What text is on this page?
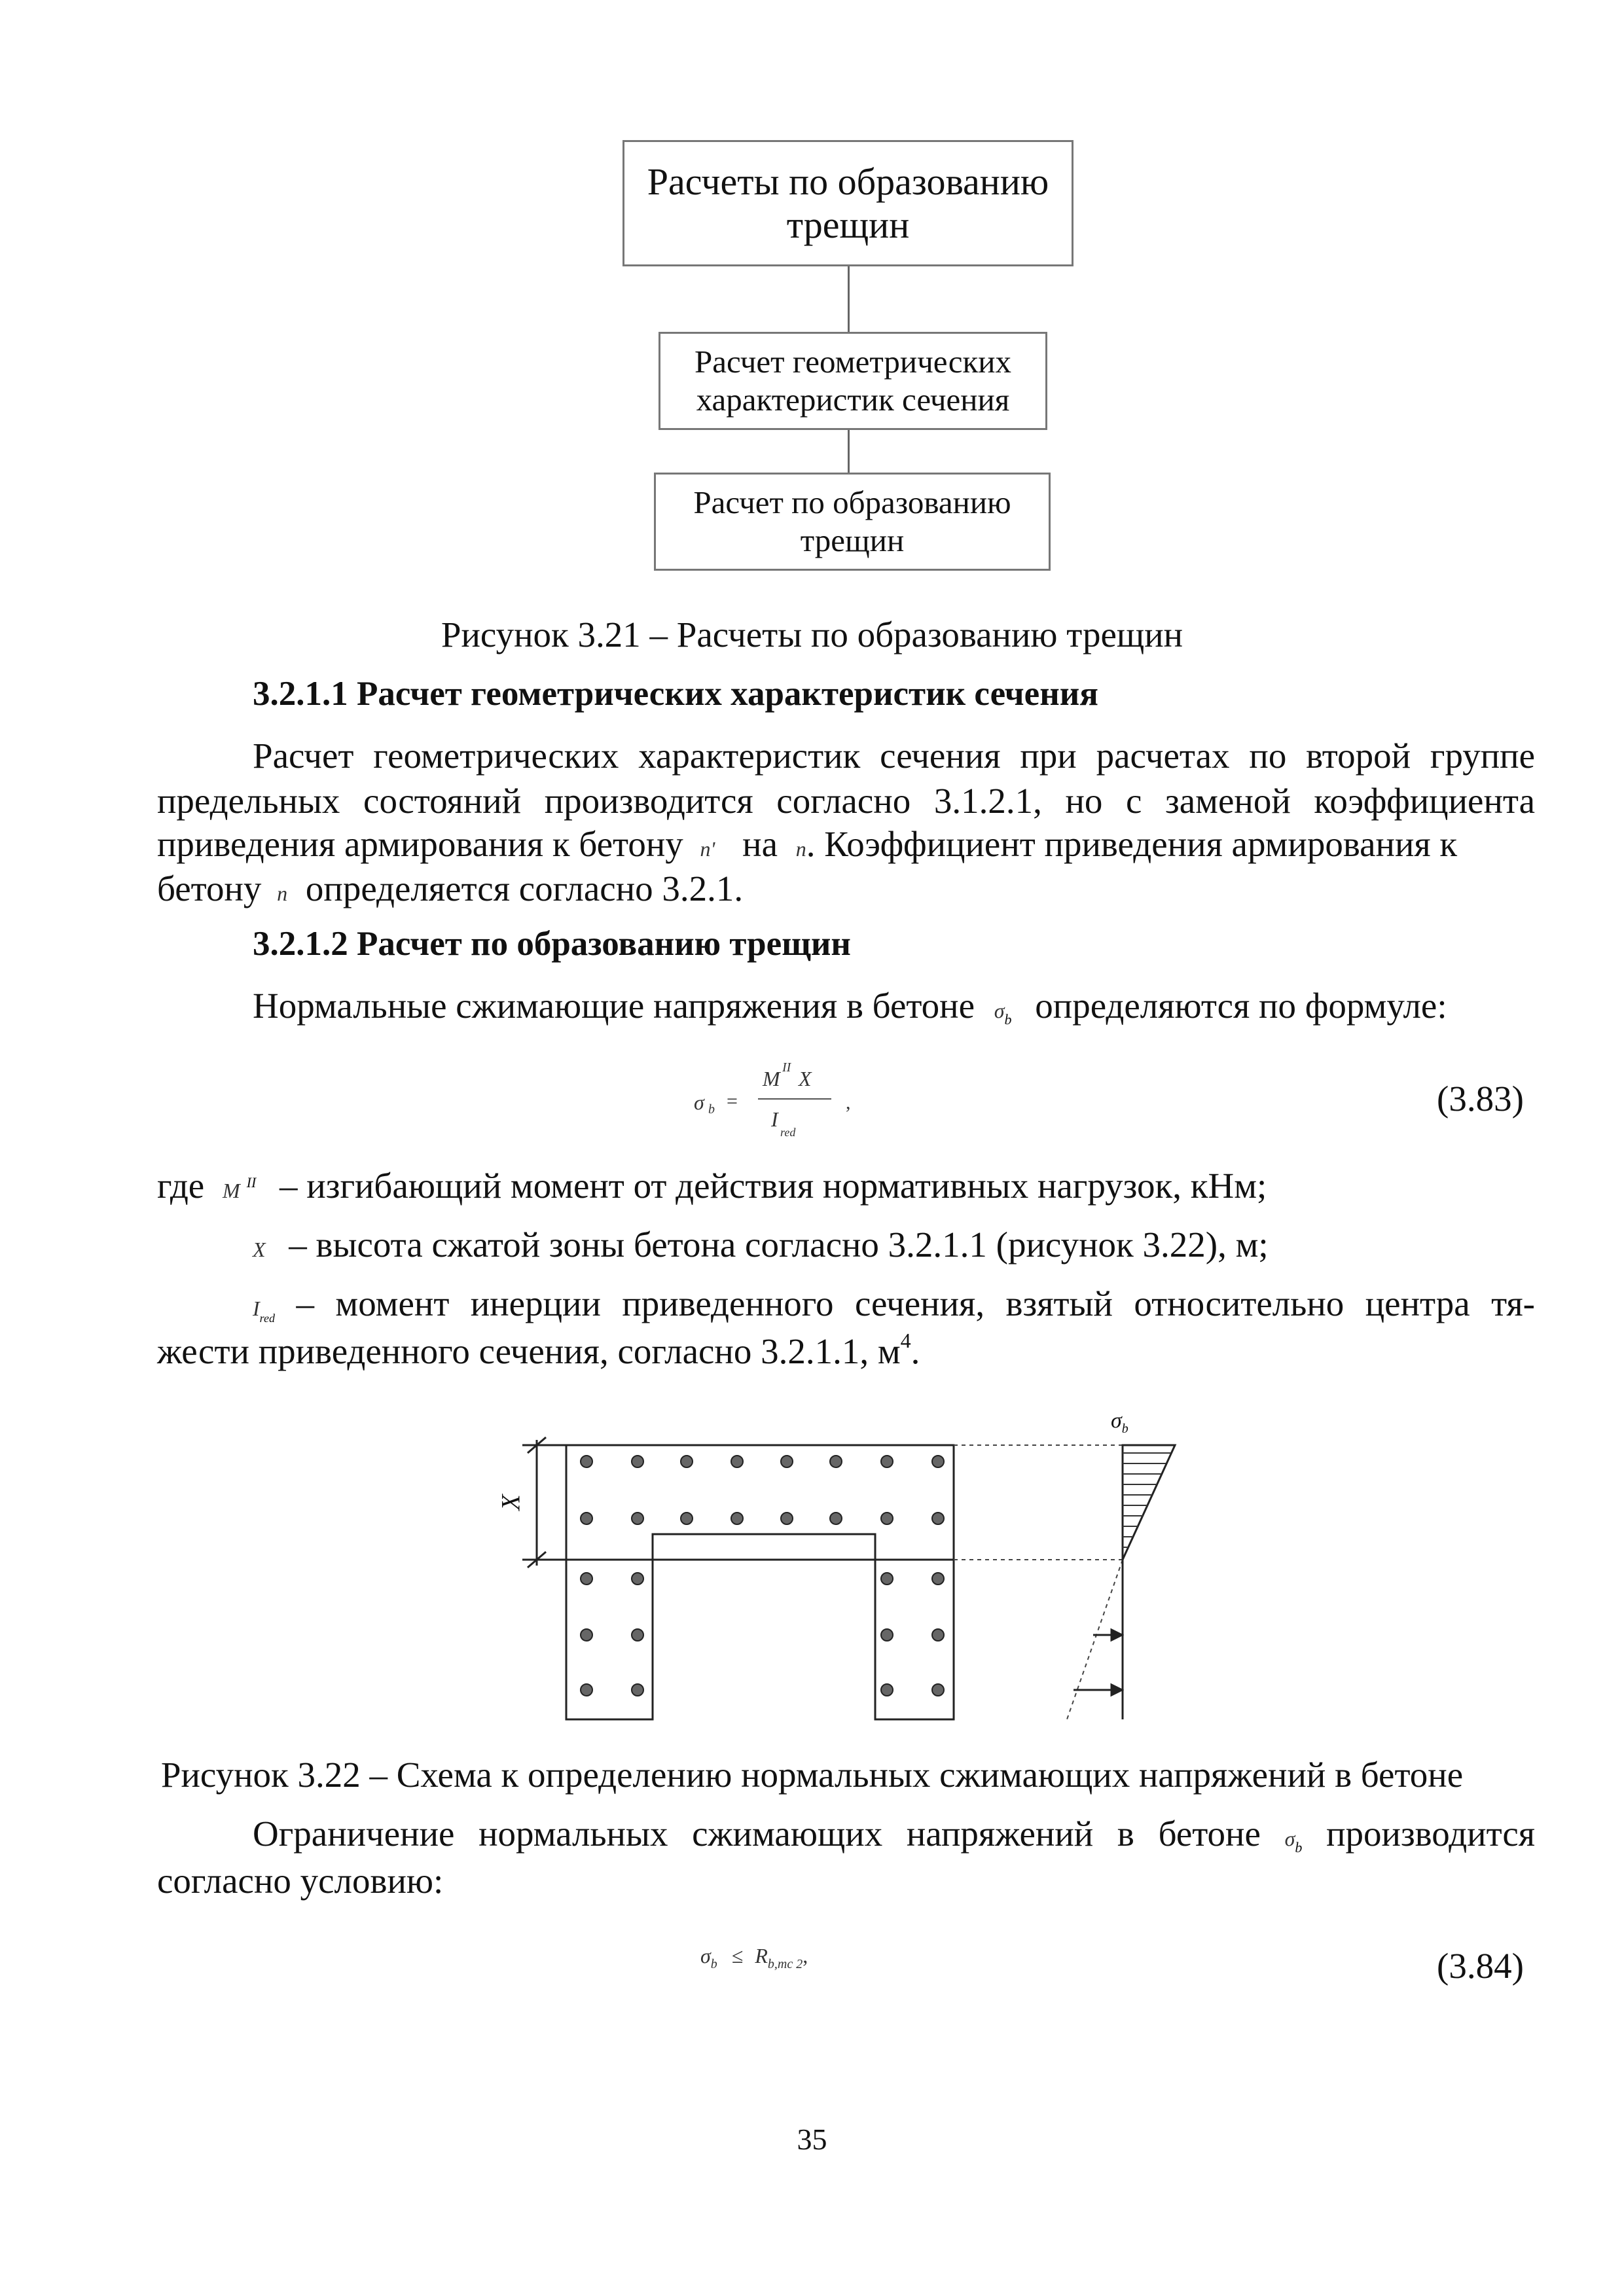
Расчеты по образованию
трещин
Расчет геометрических
характеристик сечения
Расчет по образованию
трещин
Рисунок 3.21 – Расчеты по образованию трещин
3.2.1.1 Расчет геометрических характеристик сечения
Расчет геометрических характеристик сечения при расчетах по второй группе
предельных состояний производится согласно 3.1.2.1, но с заменой коэффициента
приведения армирования к бетону n' на n. Коэффициент приведения армирования к
бетону n определяется согласно 3.2.1.
3.2.1.2 Расчет по образованию трещин
Нормальные сжимающие напряжения в бетоне $\sigma_b$ определяются по формуле:
σ b =
M II X
I
red
,	(3.83)
где M $^{II}$ – изгибающий момент от действия нормативных нагрузок, кНм;
X – высота сжатой зоны бетона согласно 3.2.1.1 (рисунок 3.22), м;
$I_{red}$ – момент инерции приведенного сечения, взятый относительно центра тя-
жести приведенного сечения, согласно 3.2.1.1, $м^4$.
X
$\sigma_b$
Рисунок 3.22 – Схема к определению нормальных сжимающих напряжений в бетоне
Ограничение нормальных сжимающих напряжений в бетоне $\sigma_b$ производится
согласно условию:
$\sigma_b \le R_{b,mc 2}$,	(3.84)
35
